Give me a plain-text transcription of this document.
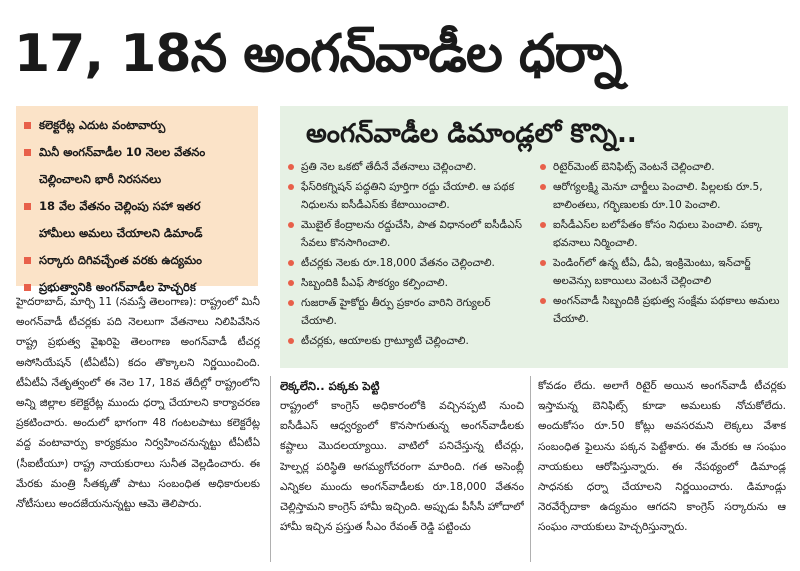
17, 18న అంగన్‌వాడీల ధర్నా
కలెక్టరేట్ల ఎదుట వంటావార్పు
మినీ అంగన్‌వాడీల 10 నెలల వేతనం
చెల్లించాలని భారీ నిరసనలు
18 వేల వేతనం చెల్లింపు సహా ఇతర
హామీలు అమలు చేయాలని డిమాండ్
సర్కారు దిగివచ్చేంత వరకు ఉద్యమం
ప్రభుత్వానికి అంగన్‌వాడీల హెచ్చరిక
అంగన్‌వాడీల డిమాండ్లలో కొన్ని..
ప్రతి నెల ఒకటో తేదీనే వేతనాలు చెల్లించాలి.
ఫేస్‌రికగ్నిషన్ పద్ధతిని పూర్తిగా రద్దు చేయాలి. ఆ పథక నిధులను ఐసీడీఎస్‌కు కేటాయించాలి.
మొబైల్ కేంద్రాలను రద్దుచేసి, పాత విధానంలో ఐసీడీఎస్ సేవలు కొనసాగించాలి.
టీచర్లకు నెలకు రూ.18,000 వేతనం చెల్లించాలి.
సిబ్బందికి పీఎఫ్ సౌకర్యం కల్పించాలి.
గుజరాత్ హైకోర్టు తీర్పు ప్రకారం వారిని రెగ్యులర్ చేయాలి.
టీచర్లకు, ఆయాలకు గ్రాట్యూటీ చెల్లించాలి.
రిటైర్‌మెంట్ బెనిఫిట్స్ వెంటనే చెల్లించాలి.
ఆరోగ్యలక్ష్మి మెనూ చార్జీలు పెంచాలి. పిల్లలకు రూ.5, బాలింతలు, గర్భిణులకు రూ.10 పెంచాలి.
ఐసీడీఎస్‌ల బలోపేతం కోసం నిధులు పెంచాలి. పక్కా భవనాలు నిర్మించాలి.
పెండింగ్‌లో ఉన్న టీఏ, డీఏ, ఇంక్రిమెంటు, ఇన్‌చార్జ్ అలవెన్సు బకాయిలు వెంటనే చెల్లించాలి
అంగన్‌వాడీ సిబ్బందికి ప్రభుత్వ సంక్షేమ పథకాలు అమలు చేయాలి.
హైదరాబాద్, మార్చి 11 (నమస్తే తెలంగాణ): రాష్ట్రంలో మినీ అంగన్‌వాడీ టీచర్లకు పది నెలలుగా వేతనాలు నిలిపివేసిన రాష్ట్ర ప్రభుత్వ వైఖరిపై తెలంగాణ అంగన్‌వాడీ టీచర్ల అసోసియేషన్ (టీఏటీఏ) కదం తొక్కాలని నిర్ణయించింది. టీఏటీఏ నేతృత్వంలో ఈ నెల 17, 18వ తేదీల్లో రాష్ట్రంలోని అన్ని జిల్లాల కలెక్టరేట్ల ముందు ధర్నా చేయాలని కార్యాచరణ ప్రకటించారు. అందులో భాగంగా 48 గంటలపాటు కలెక్టరేట్ల వద్ద వంటావార్పు కార్యక్రమం నిర్వహించనున్నట్టు టీఏటీఏ (సీఐటీయూ) రాష్ట్ర నాయకురాలు సునీత వెల్లడించారు. ఈ మేరకు మంత్రి సీతక్కతో పాటు సంబంధిత అధికారులకు నోటీసులు అందజేయనున్నట్టు ఆమె తెలిపారు.
లెక్కలేని.. పక్కకు పెట్టి
రాష్ట్రంలో కాంగ్రెస్ అధికారంలోకి వచ్చినప్పటి నుంచి ఐసీడీఎస్ ఆధ్వర్యంలో కొనసాగుతున్న అంగన్‌వాడీలకు కష్టాలు మొదలయ్యాయి. వాటిలో పనిచేస్తున్న టీచర్లు, హెల్పర్ల పరిస్థితి అగమ్యగోచరంగా మారింది. గత అసెంబ్లీ ఎన్నికల ముందు అంగన్‌వాడీలకు రూ.18,000 వేతనం చెల్లిస్తామని కాంగ్రెస్ హామీ ఇచ్చింది. అప్పుడు పీసీసీ హోదాలో హామీ ఇచ్చిన ప్రస్తుత సీఎం రేవంత్ రెడ్డి పట్టించు
కోవడం లేదు. అలాగే రిటైర్ అయిన అంగన్‌వాడీ టీచర్లకు ఇస్తామన్న బెనిఫిట్స్ కూడా అమలుకు నోచుకోలేదు. అందుకోసం రూ.50 కోట్లు అవసరమని లెక్కలు వేశాక సంబంధిత ఫైలును పక్కన పెట్టేశారు. ఈ మేరకు ఆ సంఘం నాయకులు ఆరోపిస్తున్నారు. ఈ నేపథ్యంలో డిమాండ్ల సాధనకు ధర్నా చేయాలని నిర్ణయించారు. డిమాండ్లు నెరవేర్చేదాకా ఉద్యమం ఆగదని కాంగ్రెస్ సర్కారును ఆ సంఘం నాయకులు హెచ్చరిస్తున్నారు.
